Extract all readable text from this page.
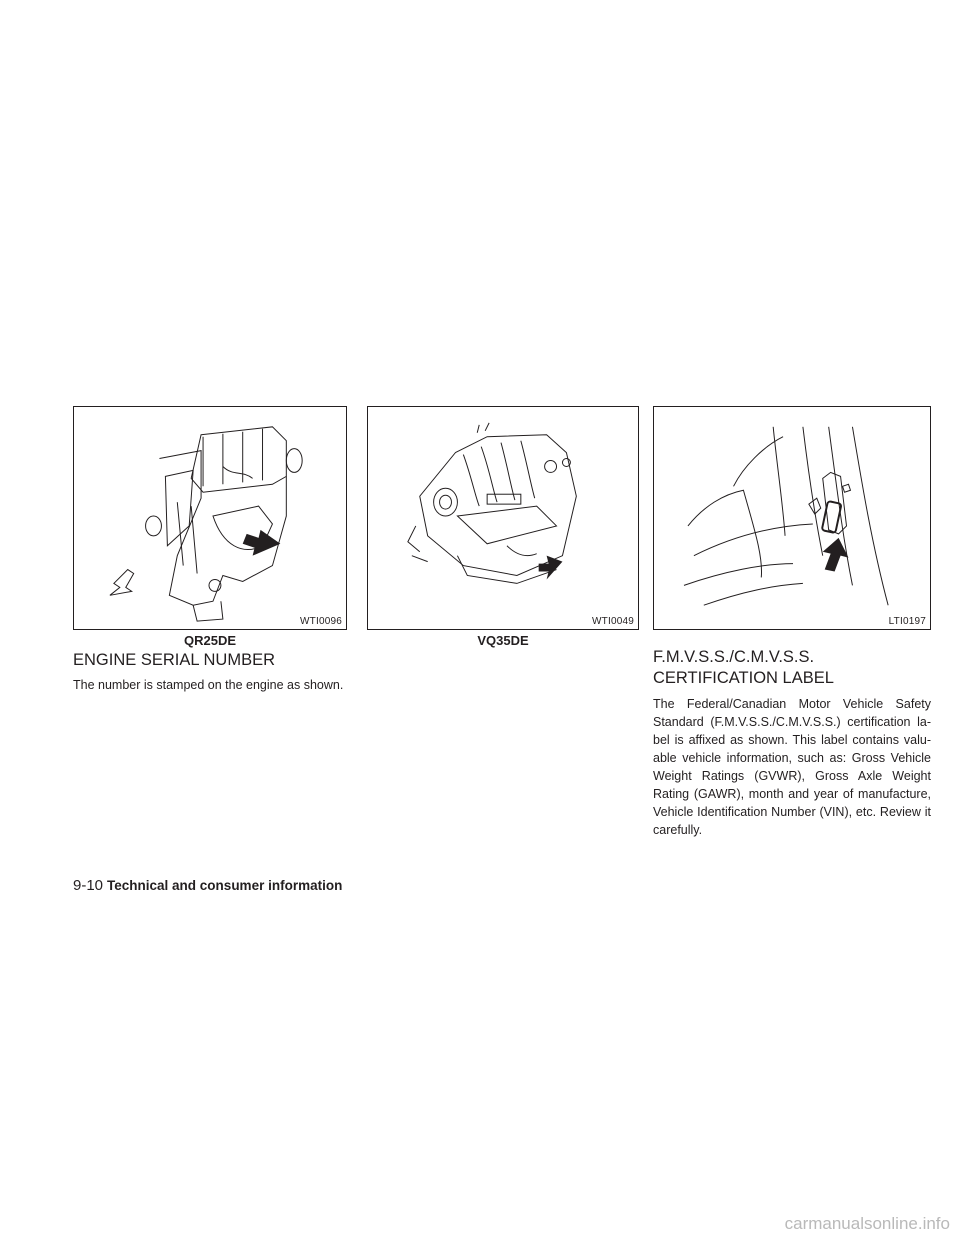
WTI0096
QR25DE
WTI0049
VQ35DE
LTI0197
ENGINE SERIAL NUMBER

The number is stamped on the engine as shown.

F.M.V.S.S./C.M.V.S.S.
CERTIFICATION LABEL

The Federal/Canadian Motor Vehicle Safety Standard (F.M.V.S.S./C.M.V.S.S.) certification la-bel is affixed as shown. This label contains valu-able vehicle information, such as: Gross Vehicle Weight Ratings (GVWR), Gross Axle Weight Rating (GAWR), month and year of manufacture, Vehicle Identification Number (VIN), etc. Review it carefully.

9-10 Technical and consumer information
carmanualsonline.info
